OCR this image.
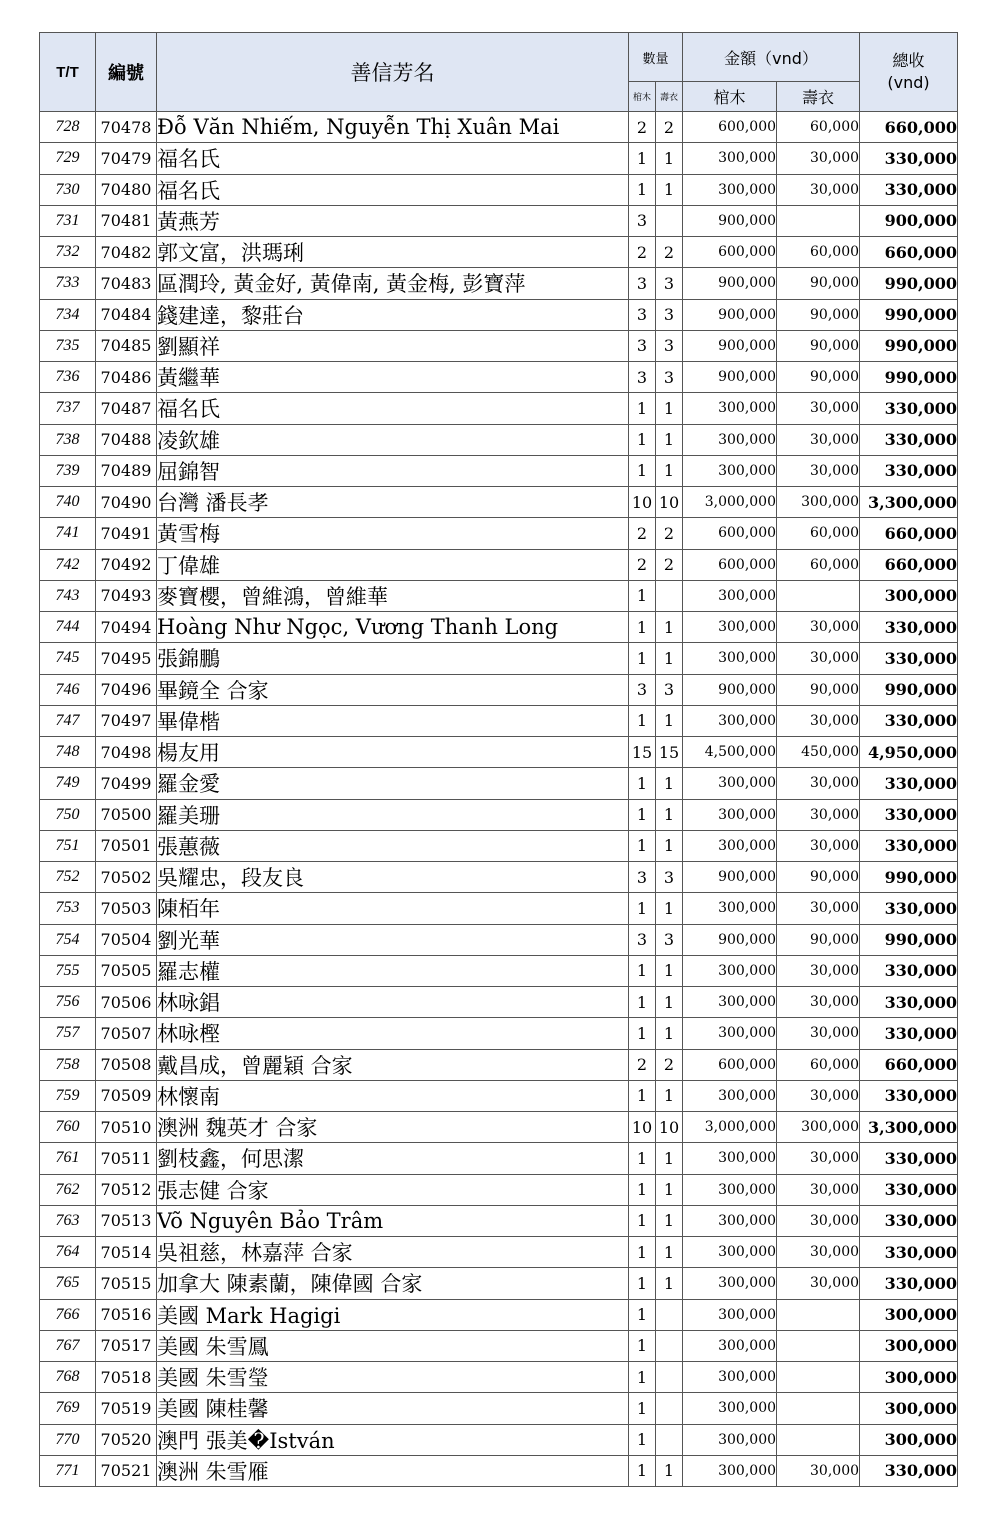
T/T	編號	善信芳名	數量		金額（vnd）		總收
(vnd)

			棺木	壽衣	棺木	壽衣	
728	70478	Đỗ Văn Nhiếm, Nguyễn Thị Xuân Mai	2	2	600,000	60,000	660,000
729	70479	福名氏	1	1	300,000	30,000	330,000
730	70480	福名氏	1	1	300,000	30,000	330,000
731	70481	黃燕芳	3		900,000		900,000
732	70482	郭文富，洪瑪琍	2	2	600,000	60,000	660,000
733	70483	區潤玲, 黃金好, 黃偉南, 黃金梅, 彭寶萍	3	3	900,000	90,000	990,000
734	70484	錢建達，黎莊台	3	3	900,000	90,000	990,000
735	70485	劉顯祥	3	3	900,000	90,000	990,000
736	70486	黃繼華	3	3	900,000	90,000	990,000
737	70487	福名氏	1	1	300,000	30,000	330,000
738	70488	凌欽雄	1	1	300,000	30,000	330,000
739	70489	屈錦智	1	1	300,000	30,000	330,000
740	70490	台灣 潘長孝	10	10	3,000,000	300,000	3,300,000
741	70491	黃雪梅	2	2	600,000	60,000	660,000
742	70492	丁偉雄	2	2	600,000	60,000	660,000
743	70493	麥寶櫻，曾維鴻，曾維華	1		300,000		300,000
744	70494	Hoàng Như Ngọc, Vương Thanh Long	1	1	300,000	30,000	330,000
745	70495	張錦鵬	1	1	300,000	30,000	330,000
746	70496	畢鏡全 合家	3	3	900,000	90,000	990,000
747	70497	畢偉楷	1	1	300,000	30,000	330,000
748	70498	楊友用	15	15	4,500,000	450,000	4,950,000
749	70499	羅金愛	1	1	300,000	30,000	330,000
750	70500	羅美珊	1	1	300,000	30,000	330,000
751	70501	張蕙薇	1	1	300,000	30,000	330,000
752	70502	吳耀忠，段友良	3	3	900,000	90,000	990,000
753	70503	陳栢年	1	1	300,000	30,000	330,000
754	70504	劉光華	3	3	900,000	90,000	990,000
755	70505	羅志權	1	1	300,000	30,000	330,000
756	70506	林咏錩	1	1	300,000	30,000	330,000
757	70507	林咏樫	1	1	300,000	30,000	330,000
758	70508	戴昌成，曾麗穎 合家	2	2	600,000	60,000	660,000
759	70509	林懷南	1	1	300,000	30,000	330,000
760	70510	澳洲 魏英才 合家	10	10	3,000,000	300,000	3,300,000
761	70511	劉枝鑫，何思潔	1	1	300,000	30,000	330,000
762	70512	張志健 合家	1	1	300,000	30,000	330,000
763	70513	Võ Nguyên Bảo Trâm	1	1	300,000	30,000	330,000
764	70514	吳祖慈，林嘉萍 合家	1	1	300,000	30,000	330,000
765	70515	加拿大 陳素蘭，陳偉國 合家	1	1	300,000	30,000	330,000
766	70516	美國 Mark Hagigi	1		300,000		300,000
767	70517	美國 朱雪鳳	1		300,000		300,000
768	70518	美國 朱雪瑩	1		300,000		300,000
769	70519	美國 陳桂馨	1		300,000		300,000
770	70520	澳門 張美�István	1		300,000		300,000
771	70521	澳洲 朱雪雁	1	1	300,000	30,000	330,000
